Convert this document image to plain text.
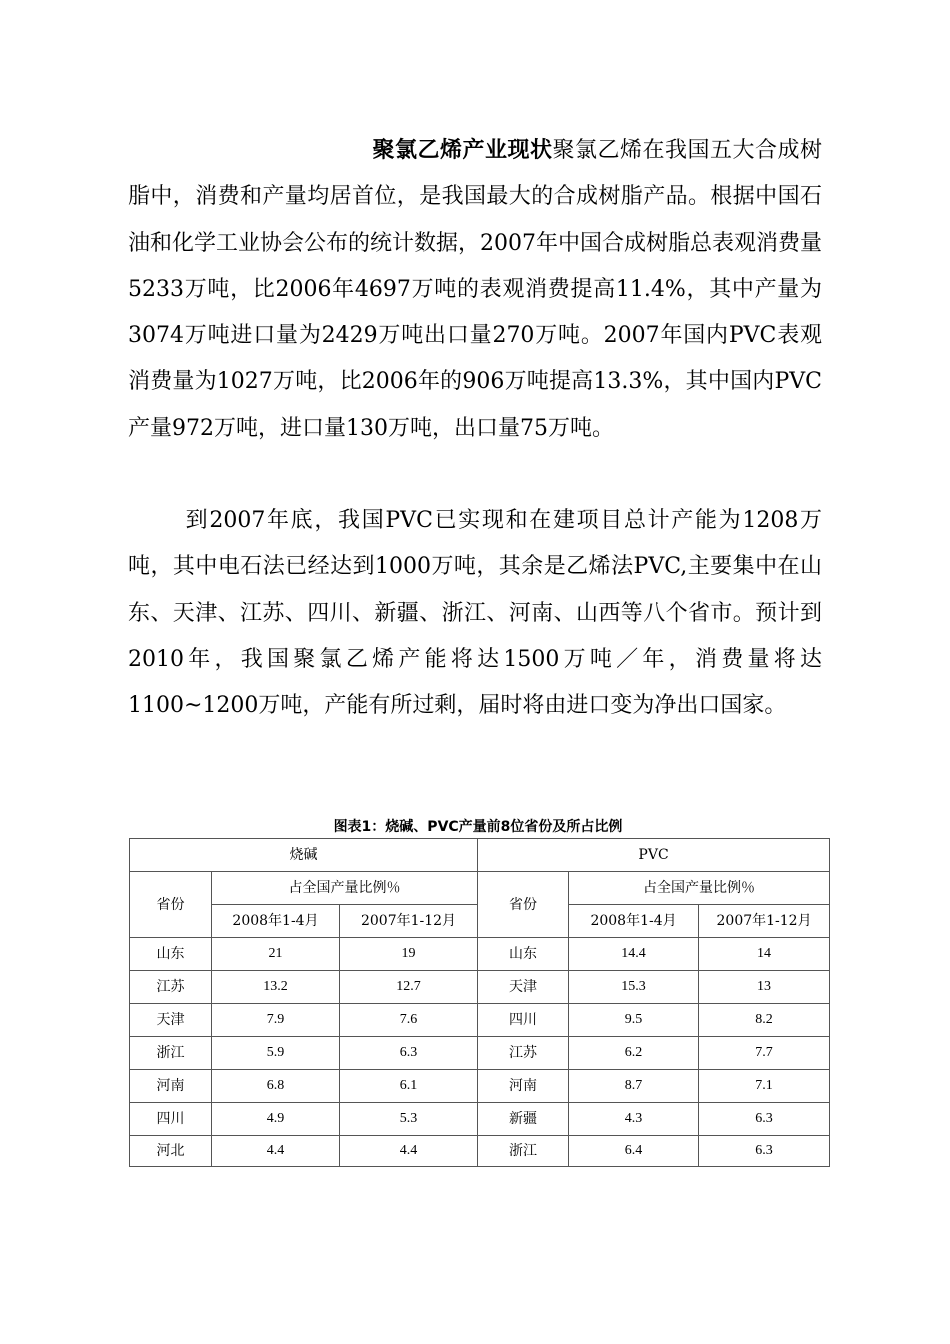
聚氯乙烯产业现状聚氯乙烯在我国五大合成树脂中，消费和产量均居首位，是我国最大的合成树脂产品。根据中国石油和化学工业协会公布的统计数据，2007年中国合成树脂总表观消费量5233万吨，比2006年4697万吨的表观消费提高11.4%，其中产量为3074万吨进口量为2429万吨出口量270万吨。2007年国内PVC表观消费量为1027万吨，比2006年的906万吨提高13.3%，其中国内PVC产量972万吨，进口量130万吨，出口量75万吨。

到2007年底，我国PVC已实现和在建项目总计产能为1208万吨，其中电石法已经达到1000万吨，其余是乙烯法PVC,主要集中在山东、天津、江苏、四川、新疆、浙江、河南、山西等八个省市。预计到2010年，我国聚氯乙烯产能将达1500万吨／年，消费量将达1100~1200万吨，产能有所过剩，届时将由进口变为净出口国家。

图表1：烧碱、PVC产量前8位省份及所占比例
烧碱			PVC		
省份	占全国产量比例％		省份	占全国产量比例％	
	2008年1-4月	2007年1-12月		2008年1-4月	2007年1-12月
山东	21	19	山东	14.4	14
江苏	13.2	12.7	天津	15.3	13
天津	7.9	7.6	四川	9.5	8.2
浙江	5.9	6.3	江苏	6.2	7.7
河南	6.8	6.1	河南	8.7	7.1
四川	4.9	5.3	新疆	4.3	6.3
河北	4.4	4.4	浙江	6.4	6.3
